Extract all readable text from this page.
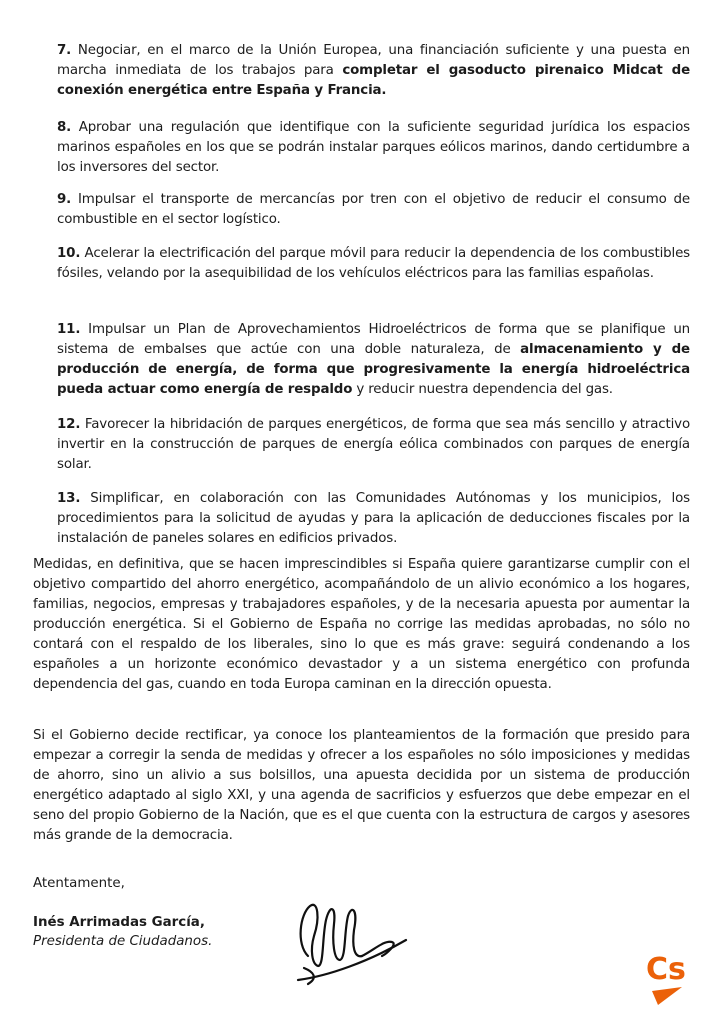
7. Negociar, en el marco de la Unión Europea, una financiación suficiente y una puesta en marcha inmediata de los trabajos para completar el gasoducto pirenaico Midcat de conexión energética entre España y Francia.
8. Aprobar una regulación que identifique con la suficiente seguridad jurídica los espacios marinos españoles en los que se podrán instalar parques eólicos marinos, dando certidumbre a los inversores del sector.
9. Impulsar el transporte de mercancías por tren con el objetivo de reducir el consumo de combustible en el sector logístico.
10. Acelerar la electrificación del parque móvil para reducir la dependencia de los combustibles fósiles, velando por la asequibilidad de los vehículos eléctricos para las familias españolas.
11. Impulsar un Plan de Aprovechamientos Hidroeléctricos de forma que se planifique un sistema de embalses que actúe con una doble naturaleza, de almacenamiento y de producción de energía, de forma que progresivamente la energía hidroeléctrica pueda actuar como energía de respaldo y reducir nuestra dependencia del gas.
12. Favorecer la hibridación de parques energéticos, de forma que sea más sencillo y atractivo invertir en la construcción de parques de energía eólica combinados con parques de energía solar.
13. Simplificar, en colaboración con las Comunidades Autónomas y los municipios, los procedimientos para la solicitud de ayudas y para la aplicación de deducciones fiscales por la instalación de paneles solares en edificios privados.
Medidas, en definitiva, que se hacen imprescindibles si España quiere garantizarse cumplir con el objetivo compartido del ahorro energético, acompañándolo de un alivio económico a los hogares, familias, negocios, empresas y trabajadores españoles, y de la necesaria apuesta por aumentar la producción energética. Si el Gobierno de España no corrige las medidas aprobadas, no sólo no contará con el respaldo de los liberales, sino lo que es más grave: seguirá condenando a los españoles a un horizonte económico devastador y a un sistema energético con profunda dependencia del gas, cuando en toda Europa caminan en la dirección opuesta.
Si el Gobierno decide rectificar, ya conoce los planteamientos de la formación que presido para empezar a corregir la senda de medidas y ofrecer a los españoles no sólo imposiciones y medidas de ahorro, sino un alivio a sus bolsillos, una apuesta decidida por un sistema de producción energético adaptado al siglo XXI, y una agenda de sacrificios y esfuerzos que debe empezar en el seno del propio Gobierno de la Nación, que es el que cuenta con la estructura de cargos y asesores más grande de la democracia.
Atentamente,
Inés Arrimadas García,
Presidenta de Ciudadanos.
Cs
